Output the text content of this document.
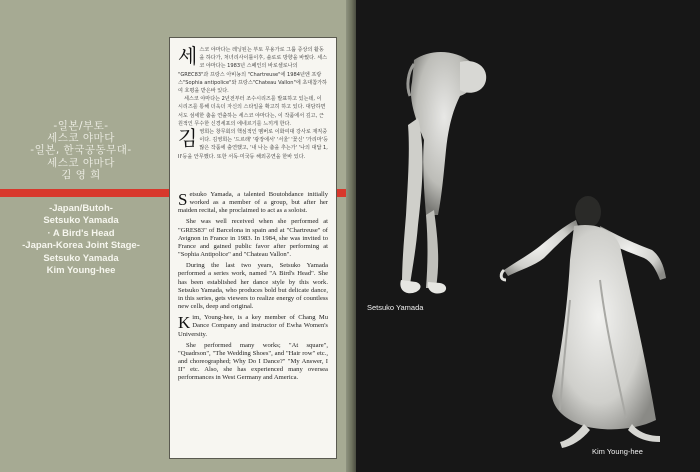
-일본/부토-
세스코 야마다
-일본, 한국공동무대-
세스코 야마다
김 영 희
-Japan/Butoh-
Setsuko Yamada
· A Bird's Head
-Japan-Korea Joint Stage-
Setsuko Yamada
Kim Young-hee

세스코 야마다는 레닝된는 부토 무용가로 그룹 증상의 활동을 하다가, 처녀리사이틀이후, 솔로로 방향을 바꿨다. 세스코 야마다는 1983년 스페인의 바로셀로나의 "GREC83"과 프랑스 아비뇽의 "Chartreuse"에 1984년엔 프랑스"Sophia antipolice"와 프랑스"Chateau Vallon"에 초대참가하여 호평을 받은바 있다.

세스코 야마다는 2년전부터 조수시리즈를 발표하고 있는데, 이 시리즈를 통해 더욱더 자신의 스타일을 확고히 하고 있다. 대담하면서도 섬세한 춤을 연출하는 세스코 야마다는, 이 작품에서 깊고, 근원적인 무수한 신경세포의 에네르기를 느끼게 한다.

김영희는 창무회의 핵심적인 멤버로 이화여대 강사로 재직중이다. 김영희는 '드르래' '광장에서' '서울' '꽃신' '가리마'등 많은 작품에 출연했고, '내 나는 춤을 추는가' '나의 대답 1, II'등을 안무했다. 또한 서독·미국등 해외공연을 한바 있다.

Setsuko Yamada, a talented Boutohdance initially worked as a member of a group, but after her maiden recital, she proclaimed to act as a soloist.

She was well received when she performed at "GRES83" of Barcelona in spain and at "Chartreuse" of Avignon in France in 1983. In 1984, she was invited to France and gained public favor after performing at "Sophia Antipolice" and "Chateau Vallon".

During the last two years, Setsuko Yamada performed a series work, named "A Bird's Head". She has been established her dance style by this work. Setsuko Yamada, who produces bold but delicate dance, in this series, gets viewers to realize energy of countless new cells, deep and original.

Kim, Young-hee, is a key member of Chang Mu Dance Company and instructor of Ewha Women's University.

She performed many works; "At square", "Quadrson", "The Wedding Shoes", and "Hair row" etc., and choreographed; Why Do I Dance?" "My Answer, I II" etc. Also, she has experienced many oversea performances in West Germany and America.

Setsuko Yamada
Kim Young-hee
